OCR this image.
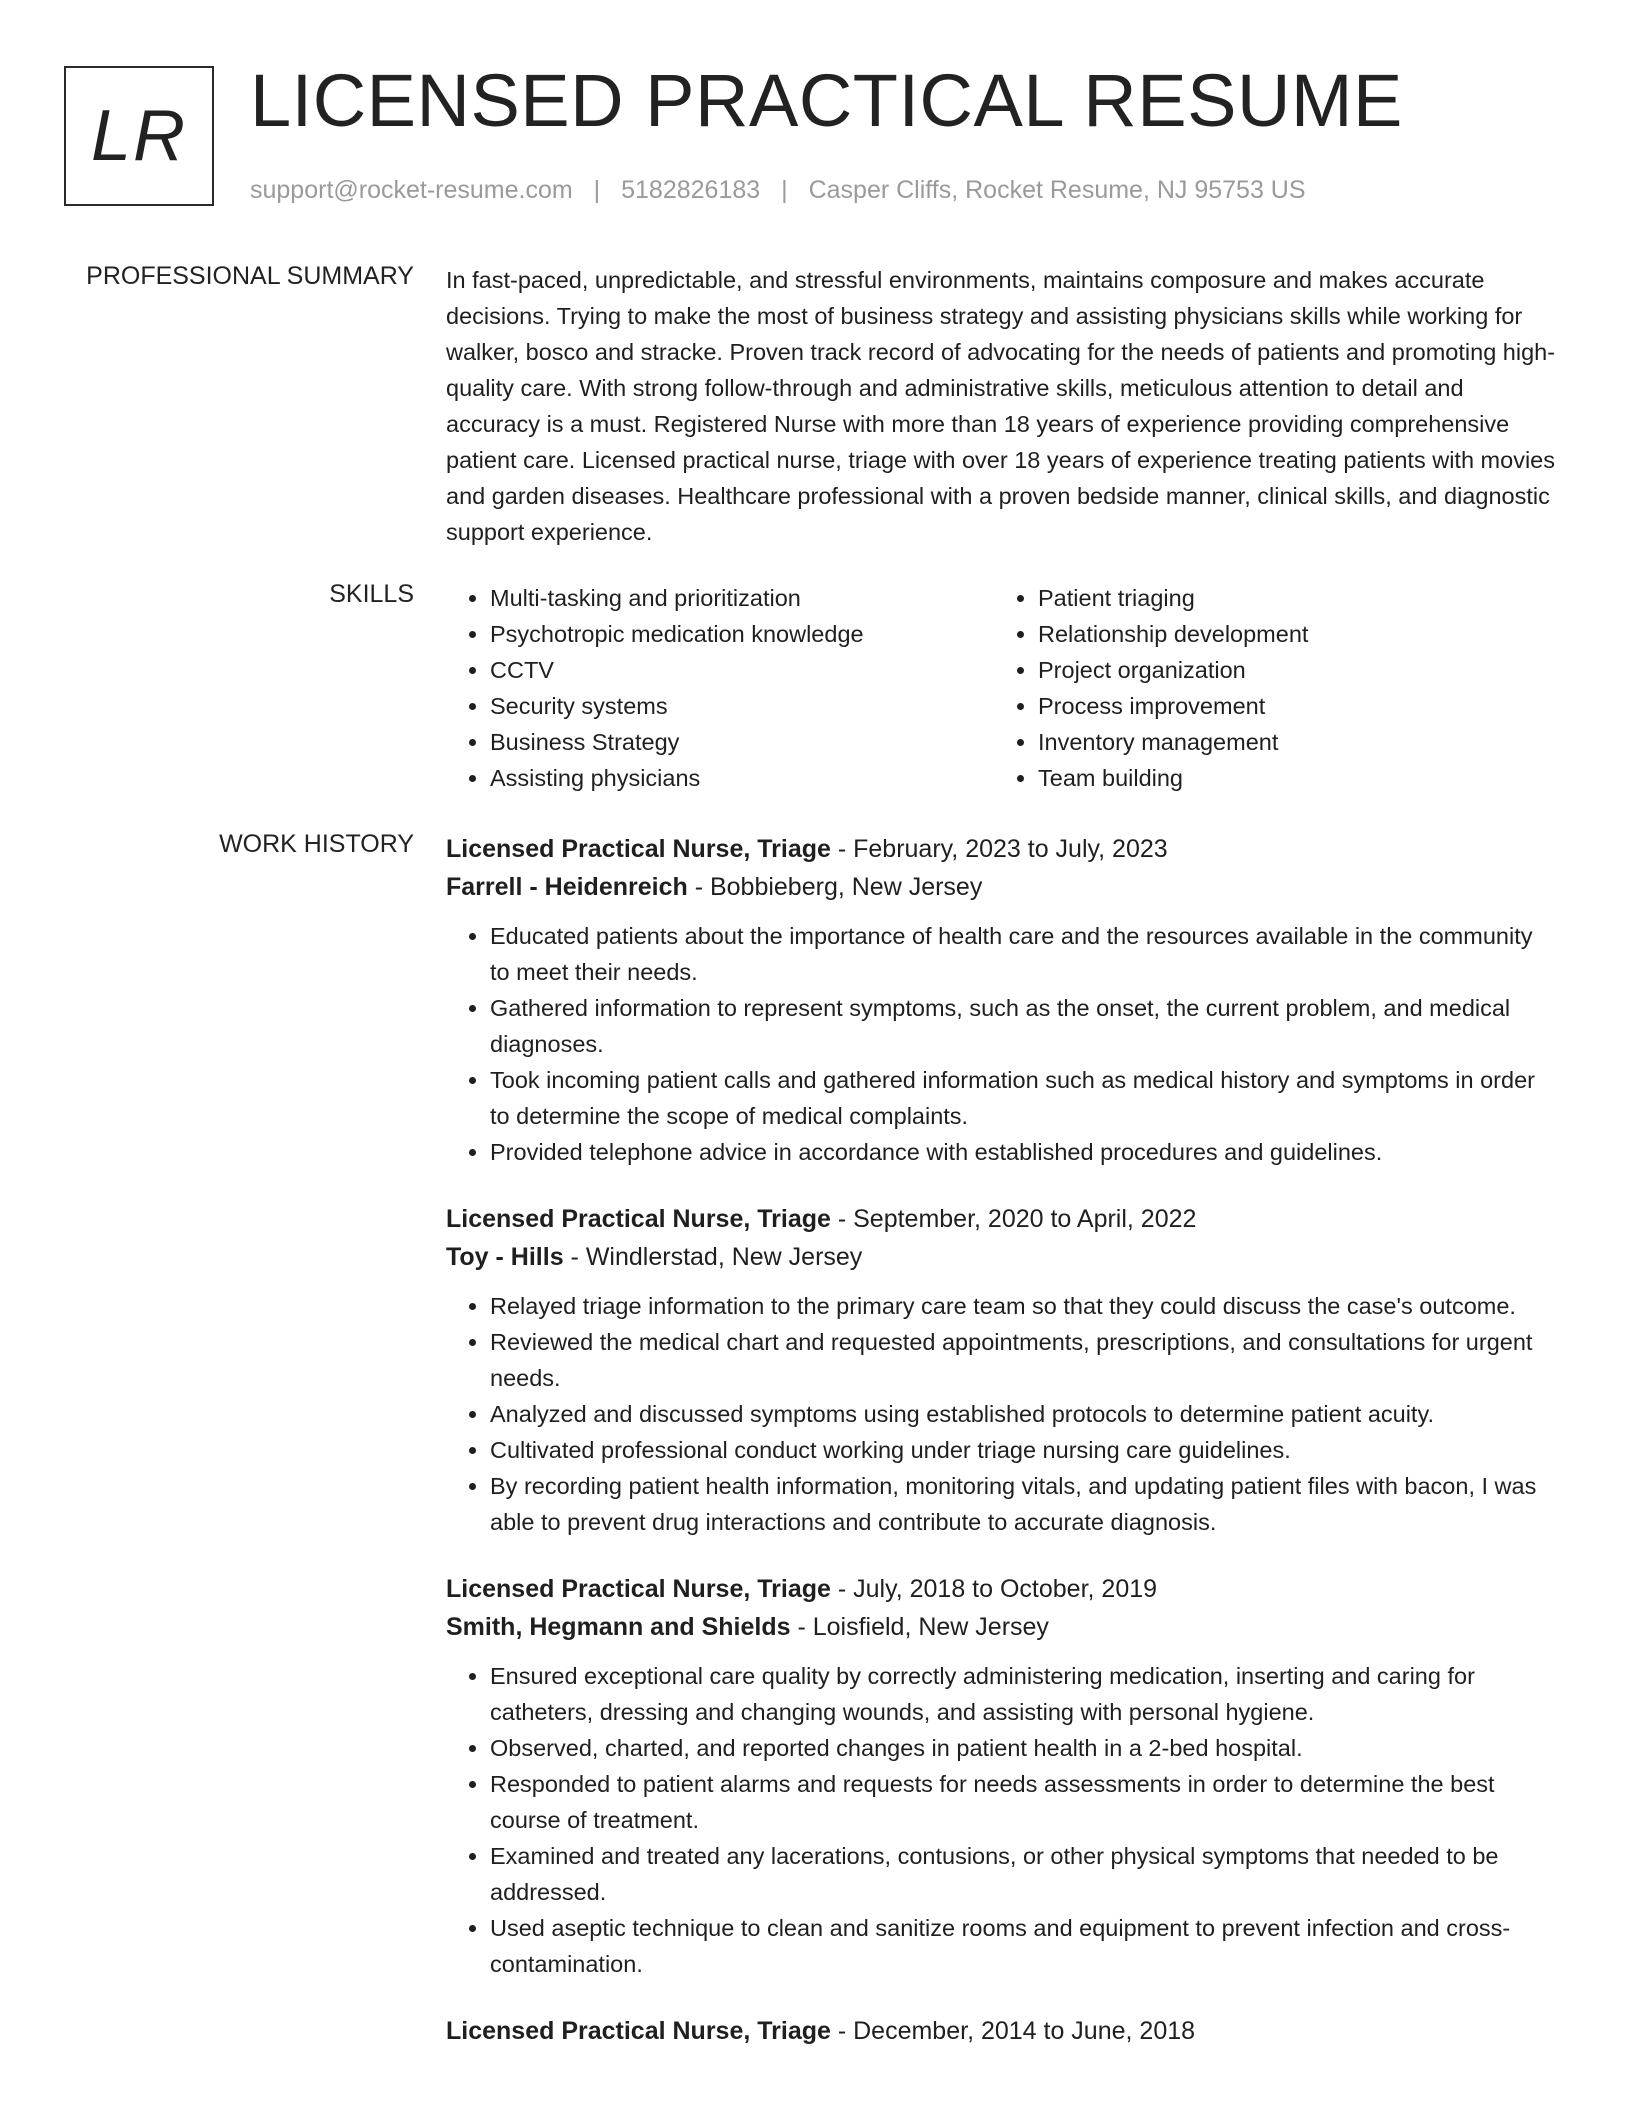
LR LICENSED PRACTICAL RESUME
support@rocket-resume.com | 5182826183 | Casper Cliffs, Rocket Resume, NJ 95753 US
PROFESSIONAL SUMMARY In fast-paced, unpredictable, and stressful environments, maintains composure and makes accurate decisions. Trying to make the most of business strategy and assisting physicians skills while working for walker, bosco and stracke. Proven track record of advocating for the needs of patients and promoting high-quality care. With strong follow-through and administrative skills, meticulous attention to detail and accuracy is a must. Registered Nurse with more than 18 years of experience providing comprehensive patient care. Licensed practical nurse, triage with over 18 years of experience treating patients with movies and garden diseases. Healthcare professional with a proven bedside manner, clinical skills, and diagnostic support experience.

SKILLS
•	Multi-tasking and prioritization
• Psychotropic medication knowledge
• CCTV
• Security systems
• Business Strategy
• Assisting physicians
• Patient triaging
• Relationship development
• Project organization
• Process improvement
• Inventory management
• Team building
WORK HISTORY Licensed Practical Nurse, Triage - February, 2023 to July, 2023
Farrell - Heidenreich - Bobbieberg, New Jersey
• Educated patients about the importance of health care and the resources available in the community to meet their needs.
• Gathered information to represent symptoms, such as the onset, the current problem, and medical diagnoses.
• Took incoming patient calls and gathered information such as medical history and symptoms in order to determine the scope of medical complaints.
• Provided telephone advice in accordance with established procedures and guidelines.
Licensed Practical Nurse, Triage - September, 2020 to April, 2022
Toy - Hills - Windlerstad, New Jersey
• Relayed triage information to the primary care team so that they could discuss the case's outcome.
• Reviewed the medical chart and requested appointments, prescriptions, and consultations for urgent needs.
• Analyzed and discussed symptoms using established protocols to determine patient acuity.
• Cultivated professional conduct working under triage nursing care guidelines.
• By recording patient health information, monitoring vitals, and updating patient files with bacon, I was able to prevent drug interactions and contribute to accurate diagnosis.
Licensed Practical Nurse, Triage - July, 2018 to October, 2019
Smith, Hegmann and Shields - Loisfield, New Jersey
• Ensured exceptional care quality by correctly administering medication, inserting and caring for catheters, dressing and changing wounds, and assisting with personal hygiene.
• Observed, charted, and reported changes in patient health in a 2-bed hospital.
• Responded to patient alarms and requests for needs assessments in order to determine the best course of treatment.
• Examined and treated any lacerations, contusions, or other physical symptoms that needed to be addressed.
• Used aseptic technique to clean and sanitize rooms and equipment to prevent infection and cross-contamination.
Licensed Practical Nurse, Triage - December, 2014 to June, 2018
